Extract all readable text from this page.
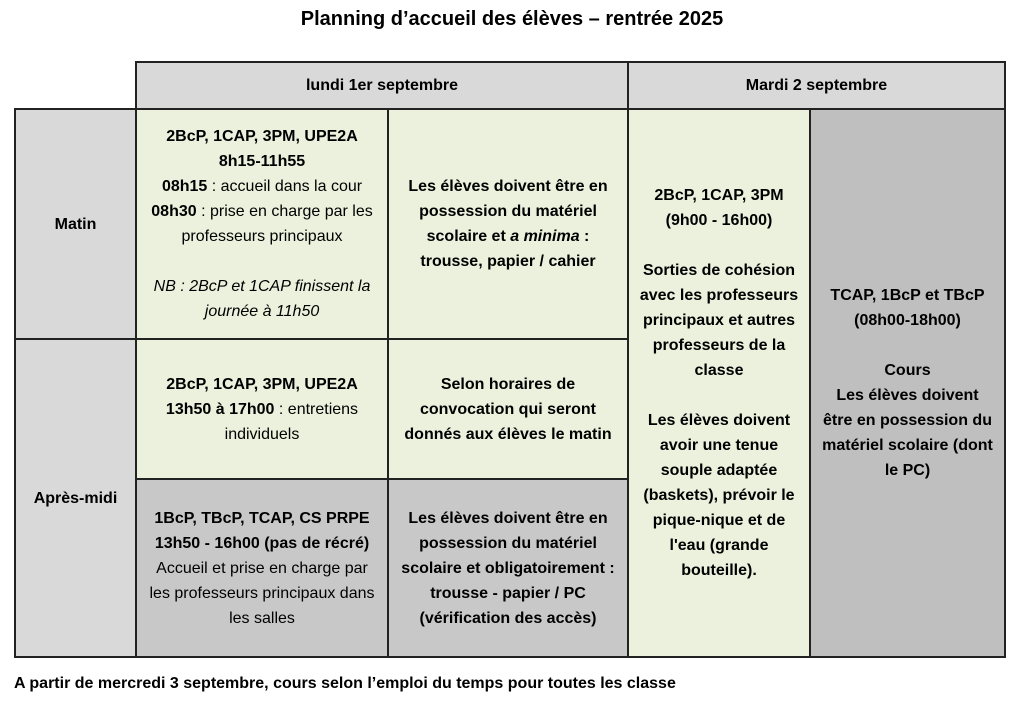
Planning d’accueil des élèves – rentrée 2025
lundi 1er septembre	Mardi 2 septembre
Matin
Après-midi

2BcP, 1CAP, 3PM, UPE2A

8h15-11h55

08h15 : accueil dans la cour

08h30 : prise en charge par les professeurs principaux

NB : 2BcP et 1CAP finissent la journée à 11h50

Les élèves doivent être en possession du matériel scolaire et a minima : trousse, papier / cahier

2BcP, 1CAP, 3PM, UPE2A

13h50 à 17h00 : entretiens individuels

Selon horaires de convocation qui seront donnés aux élèves le matin

1BcP, TBcP, TCAP, CS PRPE

13h50 - 16h00 (pas de récré)

Accueil et prise en charge par les professeurs principaux dans les salles

Les élèves doivent être en possession du matériel scolaire et obligatoirement : trousse - papier / PC (vérification des accès)

2BcP, 1CAP, 3PM

(9h00 - 16h00)

Sorties de cohésion avec les professeurs principaux et autres professeurs de la classe

Les élèves doivent avoir une tenue souple adaptée (baskets), prévoir le pique-nique et de l'eau (grande bouteille).

TCAP, 1BcP et TBcP

(08h00-18h00)

Cours

Les élèves doivent être en possession du matériel scolaire (dont le PC)

A partir de mercredi 3 septembre, cours selon l’emploi du temps pour toutes les classe
